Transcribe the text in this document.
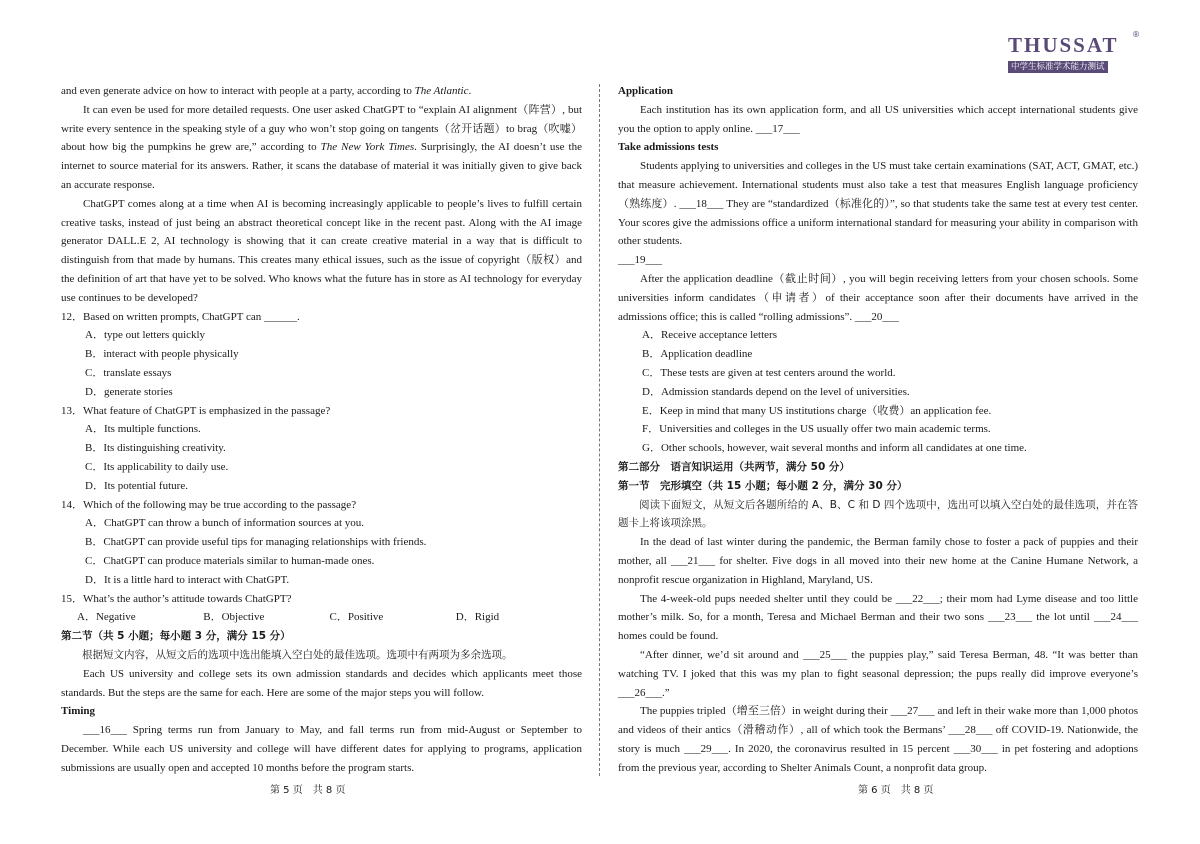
THUSSAT	®
中学生标准学术能力测试

and even generate advice on how to interact with people at a party, according to The Atlantic.

It can even be used for more detailed requests. One user asked ChatGPT to “explain AI alignment（阵营）, but write every sentence in the speaking style of a guy who won’t stop going on tangents（岔开话题）to brag（吹嘘）about how big the pumpkins he grew are,” according to The New York Times. Surprisingly, the AI doesn’t use the internet to source material for its answers. Rather, it scans the database of material it was initially given to give back an accurate response.

ChatGPT comes along at a time when AI is becoming increasingly applicable to people’s lives to fulfill certain creative tasks, instead of just being an abstract theoretical concept like in the recent past. Along with the AI image generator DALL.E 2, AI technology is showing that it can create creative material in a way that is difficult to distinguish from that made by humans. This creates many ethical issues, such as the issue of copyright（版权）and the definition of art that have yet to be solved. Who knows what the future has in store as AI technology for everyday use continues to be developed?

12．Based on written prompts, ChatGPT can ______.

A．type out letters quickly

B．interact with people physically

C．translate essays

D．generate stories

13．What feature of ChatGPT is emphasized in the passage?

A．Its multiple functions.

B．Its distinguishing creativity.

C．Its applicability to daily use.

D．Its potential future.

14．Which of the following may be true according to the passage?

A．ChatGPT can throw a bunch of information sources at you.

B．ChatGPT can provide useful tips for managing relationships with friends.

C．ChatGPT can produce materials similar to human-made ones.

D．It is a little hard to interact with ChatGPT.

15．What’s the author’s attitude towards ChatGPT?

A．Negative	B．Objective	C．Positive	D．Rigid

第二节（共 5 小题；每小题 3 分，满分 15 分）

根据短文内容，从短文后的选项中选出能填入空白处的最佳选项。选项中有两项为多余选项。

Each US university and college sets its own admission standards and decides which applicants meet those standards. But the steps are the same for each. Here are some of the major steps you will follow.

Timing

___16___ Spring terms run from January to May, and fall terms run from mid-August or September to December. While each US university and college will have different dates for applying to programs, application submissions are usually open and accepted 10 months before the program starts.

Application

Each institution has its own application form, and all US universities which accept international students give you the option to apply online. ___17___

Take admissions tests

Students applying to universities and colleges in the US must take certain examinations (SAT, ACT, GMAT, etc.) that measure achievement. International students must also take a test that measures English language proficiency（熟练度）. ___18___ They are “standardized（标准化的）”, so that students take the same test at every test center. Your scores give the admissions office a uniform international standard for measuring your ability in comparison with other students.

___19___

After the application deadline（截止时间）, you will begin receiving letters from your chosen schools. Some universities inform candidates（申请者）of their acceptance soon after their documents have arrived in the admissions office; this is called “rolling admissions”. ___20___

A．Receive acceptance letters

B．Application deadline

C．These tests are given at test centers around the world.

D．Admission standards depend on the level of universities.

E．Keep in mind that many US institutions charge（收费）an application fee.

F．Universities and colleges in the US usually offer two main academic terms.

G．Other schools, however, wait several months and inform all candidates at one time.

第二部分　语言知识运用（共两节，满分 50 分）

第一节　完形填空（共 15 小题；每小题 2 分，满分 30 分）

阅读下面短文，从短文后各题所给的 A、B、C 和 D 四个选项中，选出可以填入空白处的最佳选项，并在答题卡上将该项涂黑。

In the dead of last winter during the pandemic, the Berman family chose to foster a pack of puppies and their mother, all ___21___ for shelter. Five dogs in all moved into their new home at the Canine Humane Network, a nonprofit rescue organization in Highland, Maryland, US.

The 4-week-old pups needed shelter until they could be ___22___; their mom had Lyme disease and too little mother’s milk. So, for a month, Teresa and Michael Berman and their two sons ___23___ the lot until ___24___ homes could be found.

“After dinner, we’d sit around and ___25___ the puppies play,” said Teresa Berman, 48. “It was better than watching TV. I joked that this was my plan to fight seasonal depression; the pups really did improve everyone’s ___26___.”

The puppies tripled（增至三倍）in weight during their ___27___ and left in their wake more than 1,000 photos and videos of their antics（滑稽动作）, all of which took the Bermans’ ___28___ off COVID-19. Nationwide, the story is much ___29___. In 2020, the coronavirus resulted in 15 percent ___30___ in pet fostering and adoptions from the previous year, according to Shelter Animals Count, a nonprofit data group.

第 5 页　共 8 页	第 6 页　共 8 页
